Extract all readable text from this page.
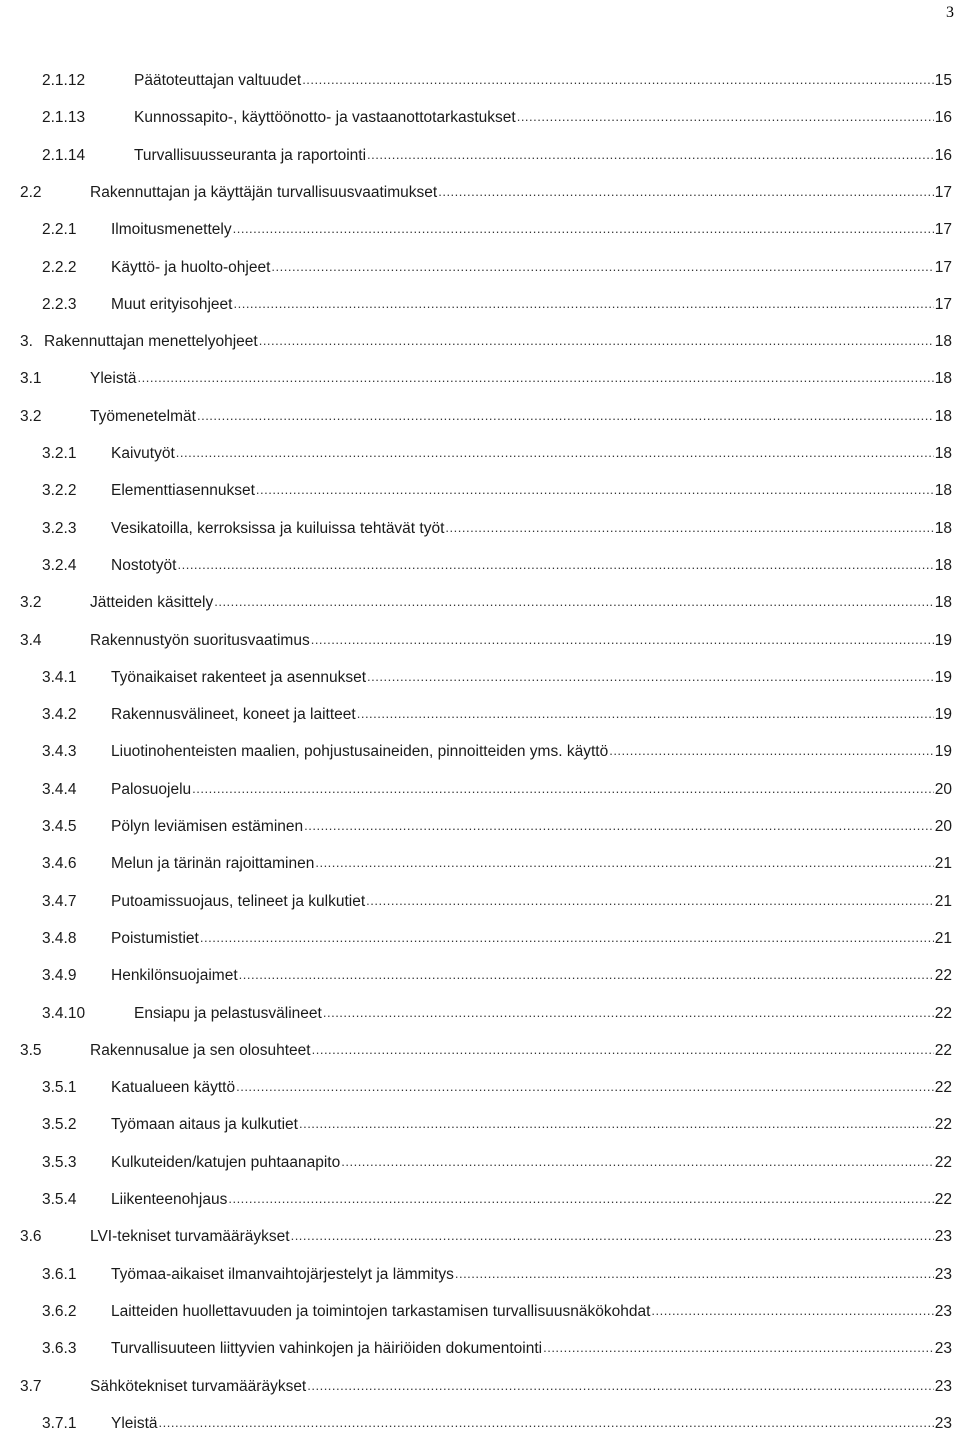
3
2.1.12	Päätoteuttajan valtuudet .....	15
2.1.13	Kunnossapito-, käyttöönotto- ja vastaanottotarkastukset .....	16
2.1.14	Turvallisuusseuranta ja raportointi .....	16
2.2	Rakennuttajan ja käyttäjän turvallisuusvaatimukset .....	17
2.2.1 Ilmoitusmenettely .....	17
2.2.2 Käyttö- ja huolto-ohjeet .....	17
2.2.3 Muut erityisohjeet .....	17
3. Rakennuttajan menettelyohjeet .....	18
3.1	Yleistä .....	18
3.2	Työmenetelmät .....	18
3.2.1 Kaivutyöt .....	18
3.2.2 Elementtiasennukset .....	18
3.2.3 Vesikatoilla, kerroksissa ja kuiluissa tehtävät työt .....	18
3.2.4 Nostotyöt .....	18
3.2	Jätteiden käsittely .....	18
3.4	Rakennustyön suoritusvaatimus .....	19
3.4.1 Työnaikaiset rakenteet ja asennukset .....	19
3.4.2 Rakennusvälineet, koneet ja laitteet .....	19
3.4.3 Liuotinohenteisten maalien, pohjustusaineiden, pinnoitteiden yms. käyttö .....	19
3.4.4 Palosuojelu .....	20
3.4.5 Pölyn leviämisen estäminen .....	20
3.4.6 Melun ja tärinän rajoittaminen .....	21
3.4.7 Putoamissuojaus, telineet ja kulkutiet .....	21
3.4.8 Poistumistiet .....	21
3.4.9 Henkilönsuojaimet .....	22
3.4.10	Ensiapu ja pelastusvälineet .....	22
3.5	Rakennusalue ja sen olosuhteet .....	22
3.5.1 Katualueen käyttö .....	22
3.5.2 Työmaan aitaus ja kulkutiet .....	22
3.5.3 Kulkuteiden/katujen puhtaanapito .....	22
3.5.4 Liikenteenohjaus .....	22
3.6	LVI-tekniset turvamääräykset .....	23
3.6.1 Työmaa-aikaiset ilmanvaihtojärjestelyt ja lämmitys .....	23
3.6.2 Laitteiden huollettavuuden ja toimintojen tarkastamisen turvallisuusnäkökohdat .....	23
3.6.3 Turvallisuuteen liittyvien vahinkojen ja häiriöiden dokumentointi .....	23
3.7	Sähkötekniset turvamääräykset .....	23
3.7.1 Yleistä .....	23
